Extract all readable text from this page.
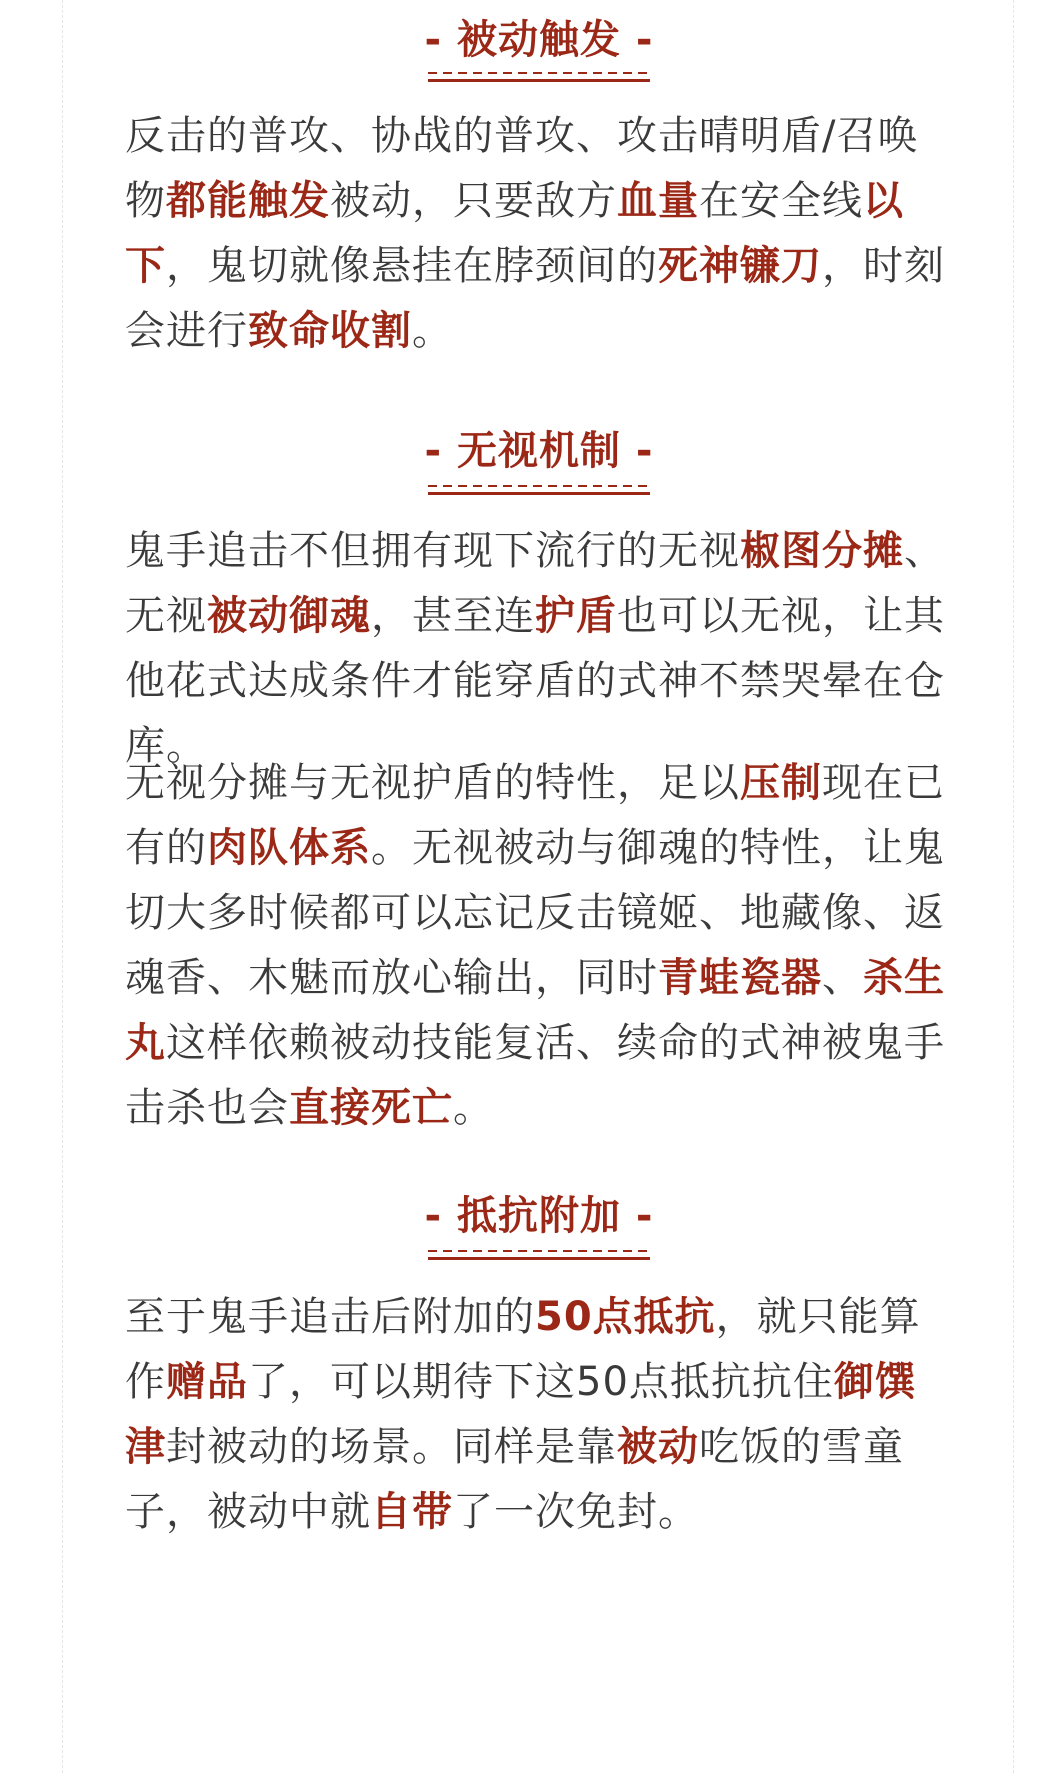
- 被动触发 -

反击的普攻、协战的普攻、攻击晴明盾/召唤物都能触发被动，只要敌方血量在安全线以下，鬼切就像悬挂在脖颈间的死神镰刀，时刻会进行致命收割。

- 无视机制 -

鬼手追击不但拥有现下流行的无视椒图分摊、无视被动御魂，甚至连护盾也可以无视，让其他花式达成条件才能穿盾的式神不禁哭晕在仓库。

无视分摊与无视护盾的特性，足以压制现在已有的肉队体系。无视被动与御魂的特性，让鬼切大多时候都可以忘记反击镜姬、地藏像、返魂香、木魅而放心输出，同时青蛙瓷器、杀生丸这样依赖被动技能复活、续命的式神被鬼手击杀也会直接死亡。

- 抵抗附加 -

至于鬼手追击后附加的50点抵抗，就只能算作赠品了，可以期待下这50点抵抗抗住御馔津封被动的场景。同样是靠被动吃饭的雪童子，被动中就自带了一次免封。
